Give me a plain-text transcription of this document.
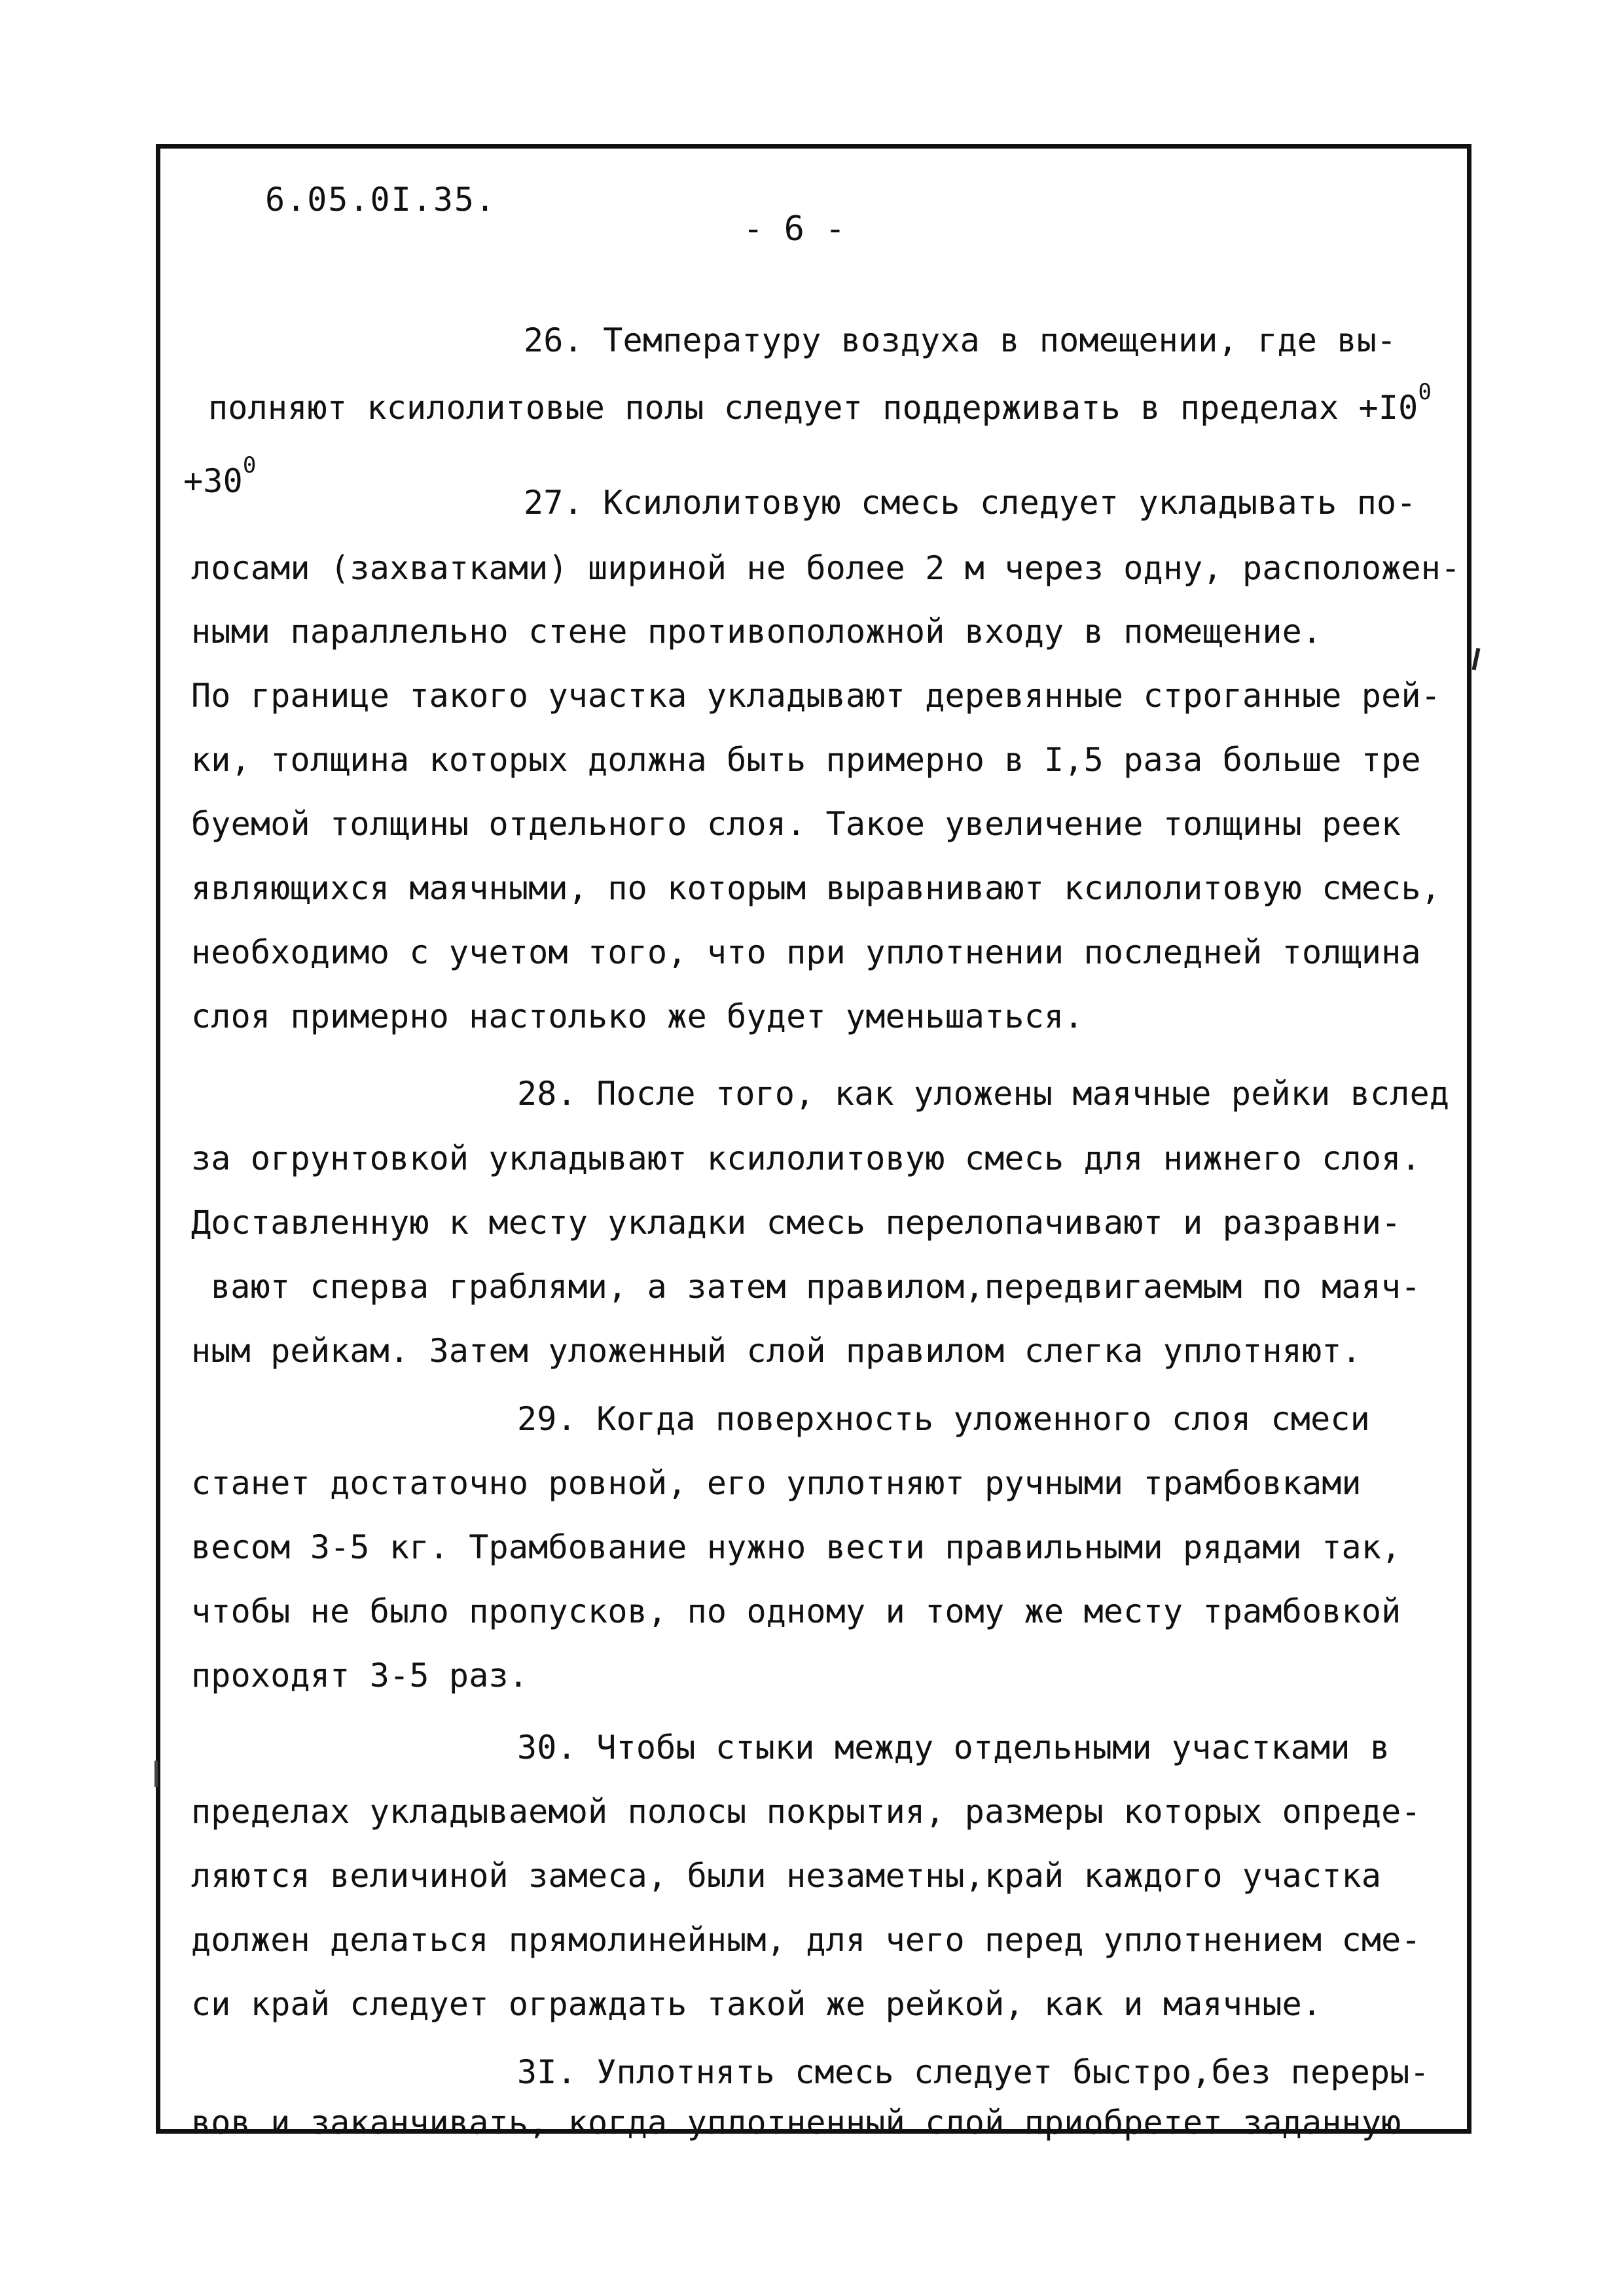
6.05.0I.35.
- 6 -
26. Температуру воздуха в помещении, где вы-
полняют ксилолитовые полы следует поддерживать в пределах $+I0^0$
$+30^0$
27. Ксилолитовую смесь следует укладывать по-
лосами (захватками) шириной не более 2 м через одну, расположен-
ными параллельно стене противоположной входу в помещение.
По границе такого участка укладывают деревянные строганные рей-
ки, толщина которых должна быть примерно в I,5 раза больше тре
буемой толщины отдельного слоя. Такое увеличение толщины реек
являющихся маячными, по которым выравнивают ксилолитовую смесь,
необходимо с учетом того, что при уплотнении последней толщина
слоя примерно настолько же будет уменьшаться.
28. После того, как уложены маячные рейки вслед
за огрунтовкой укладывают ксилолитовую смесь для нижнего слоя.
Доставленную к месту укладки смесь перелопачивают и разравни-
вают сперва граблями, а затем правилом,передвигаемым по маяч-
ным рейкам. Затем уложенный слой правилом слегка уплотняют.
29. Когда поверхность уложенного слоя смеси
станет достаточно ровной, его уплотняют ручными трамбовками
весом 3-5 кг. Трамбование нужно вести правильными рядами так,
чтобы не было пропусков, по одному и тому же месту трамбовкой
проходят 3-5 раз.
30. Чтобы стыки между отдельными участками в
пределах укладываемой полосы покрытия, размеры которых опреде-
ляются величиной замеса, были незаметны,край каждого участка
должен делаться прямолинейным, для чего перед уплотнением сме-
си край следует ограждать такой же рейкой, как и маячные.
3I. Уплотнять смесь следует быстро,без переры-
вов и заканчивать, когда уплотненный слой приобретет заданную
